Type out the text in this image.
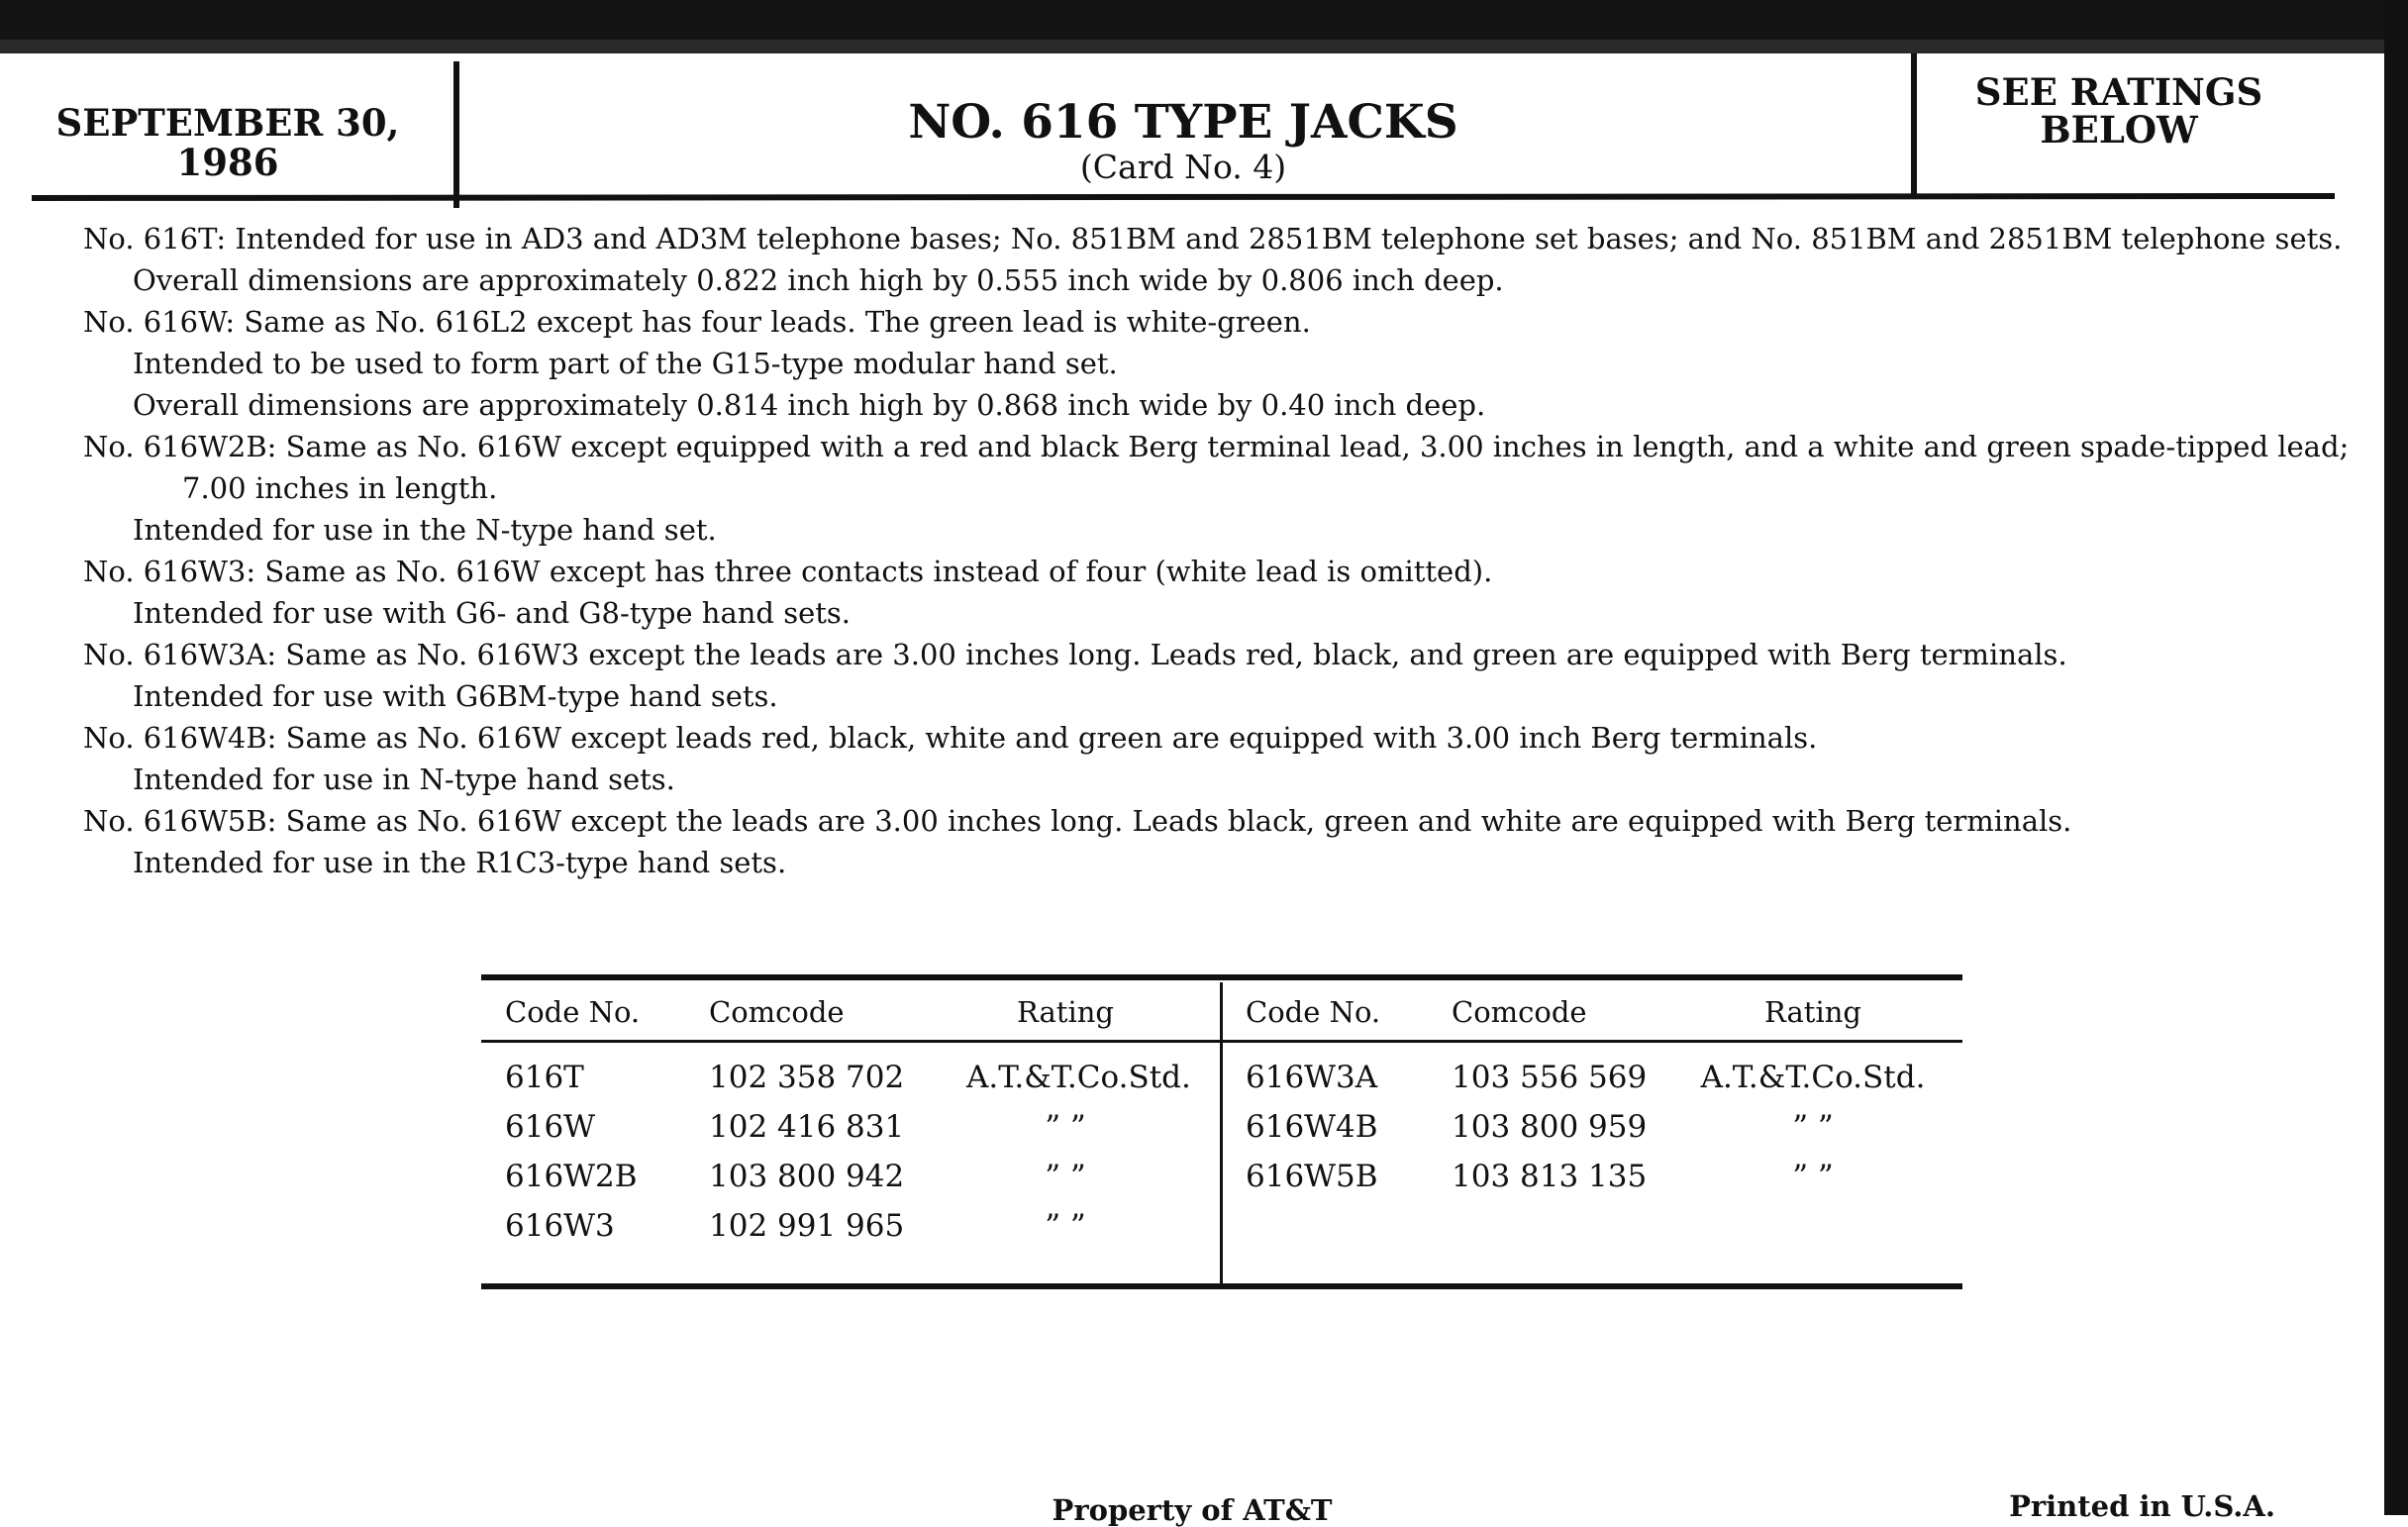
SEPTEMBER 30,
1986
NO. 616 TYPE JACKS
(Card No. 4)
SEE RATINGS
BELOW
No. 616T: Intended for use in AD3 and AD3M telephone bases; No. 851BM and 2851BM telephone set bases; and No. 851BM and 2851BM telephone sets.
Overall dimensions are approximately 0.822 inch high by 0.555 inch wide by 0.806 inch deep.
No. 616W: Same as No. 616L2 except has four leads. The green lead is white-green.
Intended to be used to form part of the G15-type modular hand set.
Overall dimensions are approximately 0.814 inch high by 0.868 inch wide by 0.40 inch deep.
No. 616W2B: Same as No. 616W except equipped with a red and black Berg terminal lead, 3.00 inches in length, and a white and green spade-tipped lead;
7.00 inches in length.
Intended for use in the N-type hand set.
No. 616W3: Same as No. 616W except has three contacts instead of four (white lead is omitted).
Intended for use with G6- and G8-type hand sets.
No. 616W3A: Same as No. 616W3 except the leads are 3.00 inches long. Leads red, black, and green are equipped with Berg terminals.
Intended for use with G6BM-type hand sets.
No. 616W4B: Same as No. 616W except leads red, black, white and green are equipped with 3.00 inch Berg terminals.
Intended for use in N-type hand sets.
No. 616W5B: Same as No. 616W except the leads are 3.00 inches long. Leads black, green and white are equipped with Berg terminals.
Intended for use in the R1C3-type hand sets.
Code No. Comcode	Rating	Code No. Comcode	Rating
616T	102 358 702 A.T.&T.Co.Std.
616W	102 416 831	” ”
616W2B 103 800 942	” ”
616W3	102 991 965	” ”
616W3A 103 556 569	A.T.&T.Co.Std.
616W4B 103 800 959	” ”
616W5B 103 813 135	” ”
Property of AT&T	Printed in U.S.A.
